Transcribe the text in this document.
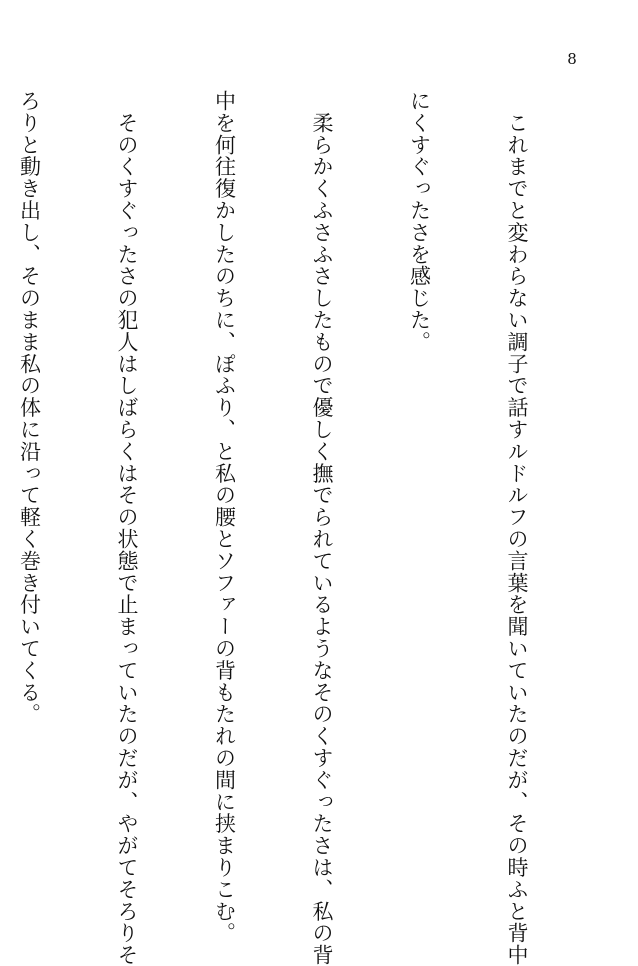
8

　これまでと変わらない調子で話すルドルフの言葉を聞いていたのだが、その時ふと背中

にくすぐったさを感じた。

　柔らかくふさふさしたもので優しく撫でられているようなそのくすぐったさは、私の背

中を何往復かしたのちに、ぽふり、と私の腰とソファーの背もたれの間に挟まりこむ。

　そのくすぐったさの犯人はしばらくはその状態で止まっていたのだが、やがてそろりそ

ろりと動き出し、そのまま私の体に沿って軽く巻き付いてくる。
